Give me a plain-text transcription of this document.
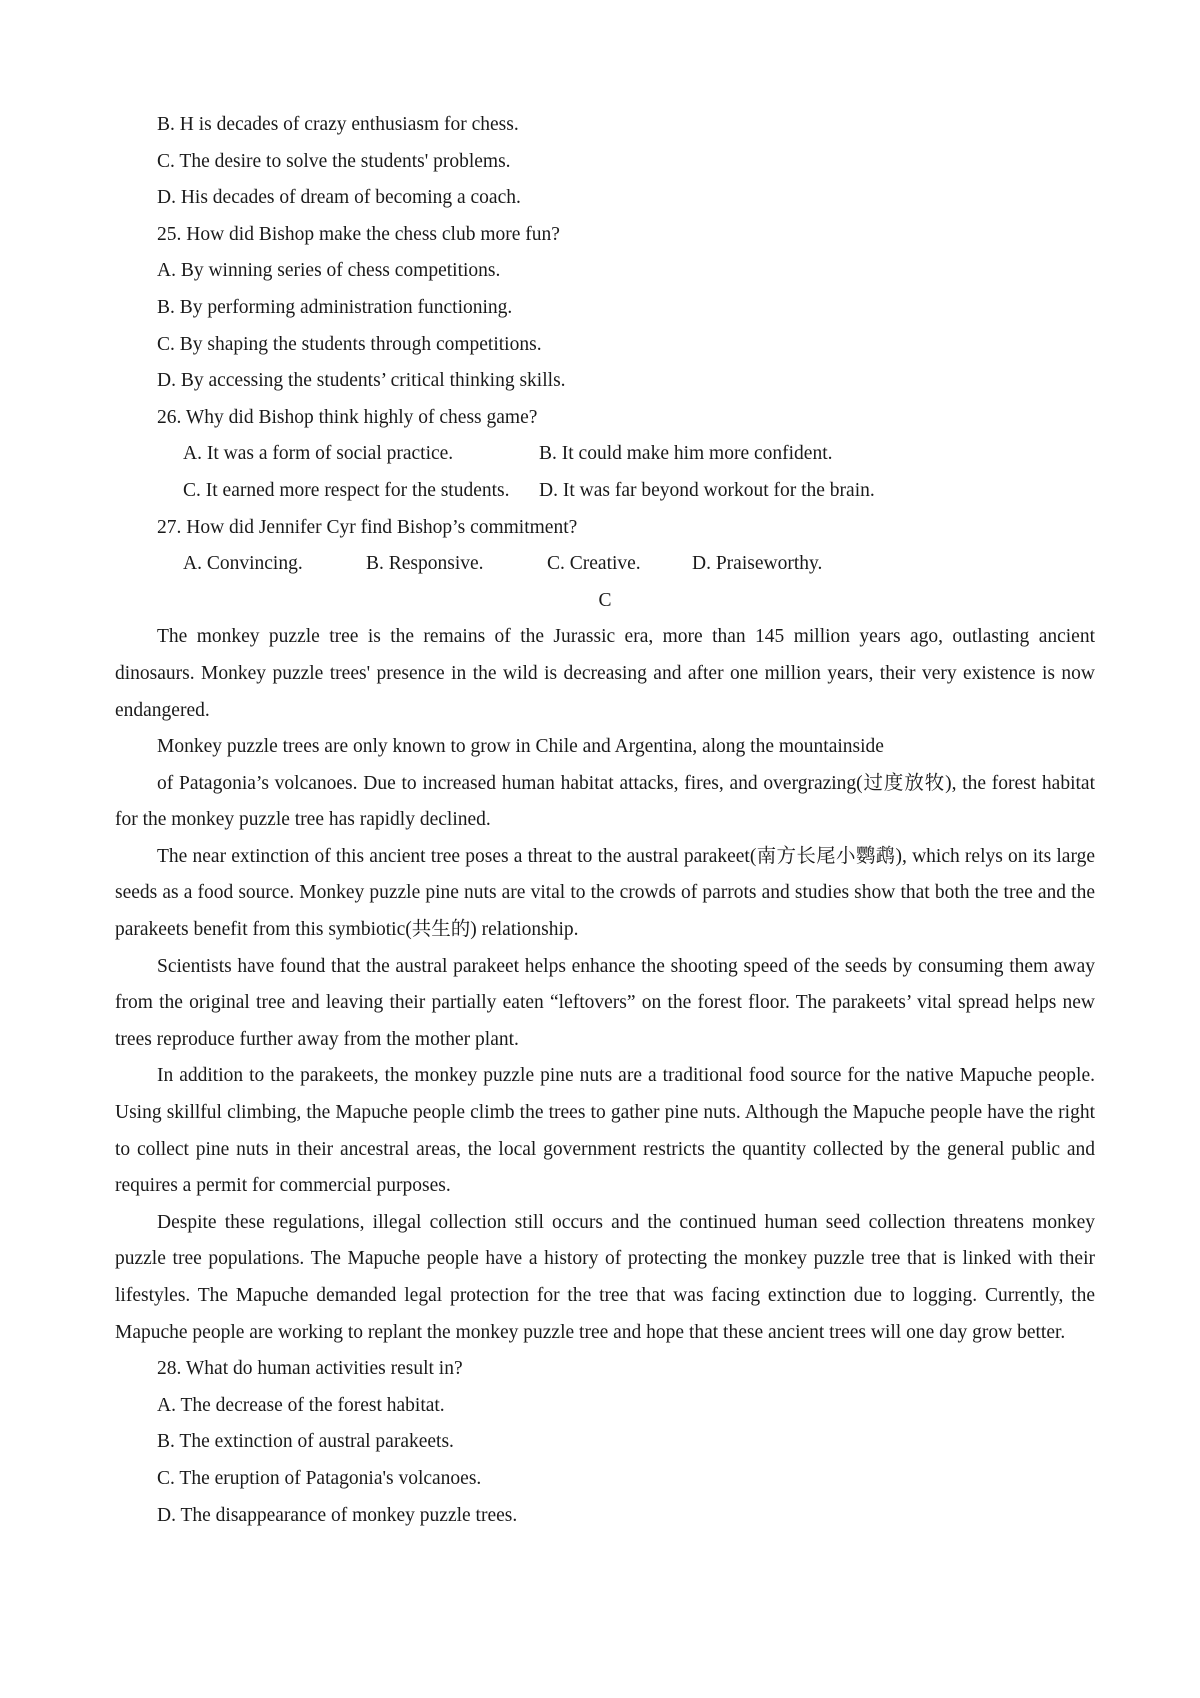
B. H is decades of crazy enthusiasm for chess.
C. The desire to solve the students' problems.
D. His decades of dream of becoming a coach.
25. How did Bishop make the chess club more fun?
A. By winning series of chess competitions.
B. By performing administration functioning.
C. By shaping the students through competitions.
D. By accessing the students’ critical thinking skills.
26. Why did Bishop think highly of chess game?
A. It was a form of social practice.	B. It could make him more confident.
C. It earned more respect for the students.	D. It was far beyond workout for the brain.
27. How did Jennifer Cyr find Bishop’s commitment?
A. Convincing.	B. Responsive.	C. Creative.	D. Praiseworthy.
C

The monkey puzzle tree is the remains of the Jurassic era, more than 145 million years ago, outlasting ancient dinosaurs. Monkey puzzle trees' presence in the wild is decreasing and after one million years, their very existence is now endangered.

Monkey puzzle trees are only known to grow in Chile and Argentina, along the mountainside

of Patagonia’s volcanoes. Due to increased human habitat attacks, fires, and overgrazing(过度放牧), the forest habitat for the monkey puzzle tree has rapidly declined.

The near extinction of this ancient tree poses a threat to the austral parakeet(南方长尾小鹦鹉), which relys on its large seeds as a food source. Monkey puzzle pine nuts are vital to the crowds of parrots and studies show that both the tree and the parakeets benefit from this symbiotic(共生的) relationship.

Scientists have found that the austral parakeet helps enhance the shooting speed of the seeds by consuming them away from the original tree and leaving their partially eaten “leftovers” on the forest floor. The parakeets’ vital spread helps new trees reproduce further away from the mother plant.

In addition to the parakeets, the monkey puzzle pine nuts are a traditional food source for the native Mapuche people. Using skillful climbing, the Mapuche people climb the trees to gather pine nuts. Although the Mapuche people have the right to collect pine nuts in their ancestral areas, the local government restricts the quantity collected by the general public and requires a permit for commercial purposes.

Despite these regulations, illegal collection still occurs and the continued human seed collection threatens monkey puzzle tree populations. The Mapuche people have a history of protecting the monkey puzzle tree that is linked with their lifestyles. The Mapuche demanded legal protection for the tree that was facing extinction due to logging. Currently, the Mapuche people are working to replant the monkey puzzle tree and hope that these ancient trees will one day grow better.

28. What do human activities result in?
A. The decrease of the forest habitat.
B. The extinction of austral parakeets.
C. The eruption of Patagonia's volcanoes.
D. The disappearance of monkey puzzle trees.
